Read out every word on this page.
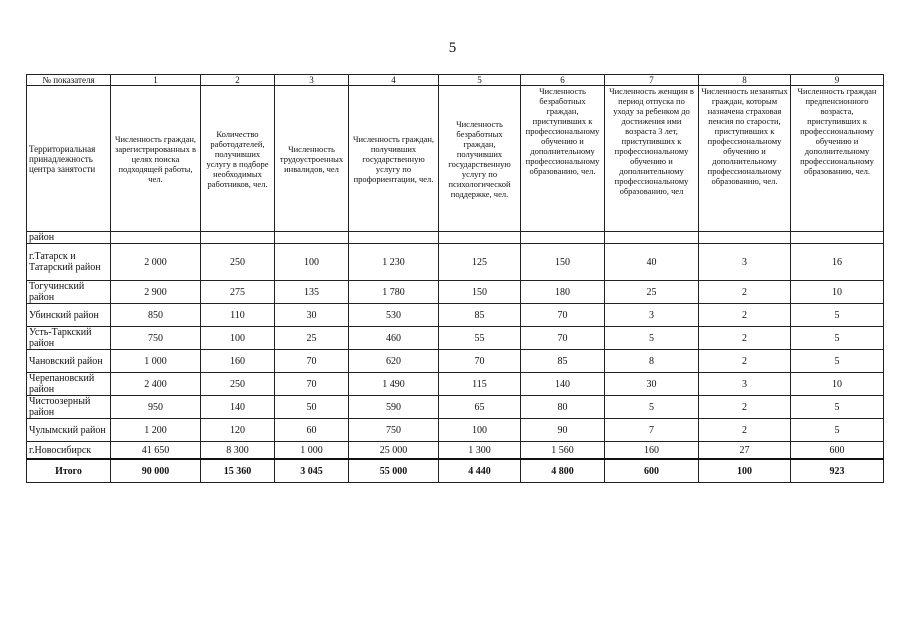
5
№ показателя	1	2	3	4	5	6	7	8	9
Территориальная принадлежность центра занятости	Численность граждан, зарегистрированных в целях поиска подходящей работы, чел.	Количество работодателей, получивших услугу в подборе необходимых работников, чел.	Численность трудоустроенных инвалидов, чел	Численность граждан, получивших государственную услугу по профориентации, чел.	Численность безработных граждан, получивших государственную услугу по психологической поддержке, чел.	Численность безработных граждан, приступивших к профессиональному обучению и дополнительному профессиональному образованию, чел.	Численность женщин в период отпуска по уходу за ребенком до достижения ими возраста 3 лет, приступивших к профессиональному обучению и дополнительному профессиональному образованию, чел	Численность незанятых граждан, которым назначена страховая пенсия по старости, приступивших к профессиональному обучению и дополнительному профессиональному образованию, чел.	Численность граждан предпенсионного возраста, приступивших к профессиональному обучению и дополнительному профессиональному образованию, чел.
район									
г.Татарск и Татарский район	2 000	250	100	1 230	125	150	40	3	16
Тогучинский район	2 900	275	135	1 780	150	180	25	2	10
Убинский район	850	110	30	530	85	70	3	2	5
Усть-Таркский район	750	100	25	460	55	70	5	2	5
Чановский район	1 000	160	70	620	70	85	8	2	5
Черепановский район	2 400	250	70	1 490	115	140	30	3	10
Чистоозерный район	950	140	50	590	65	80	5	2	5
Чулымский район	1 200	120	60	750	100	90	7	2	5
г.Новосибирск	41 650	8 300	1 000	25 000	1 300	1 560	160	27	600
Итого	90 000	15 360	3 045	55 000	4 440	4 800	600	100	923
